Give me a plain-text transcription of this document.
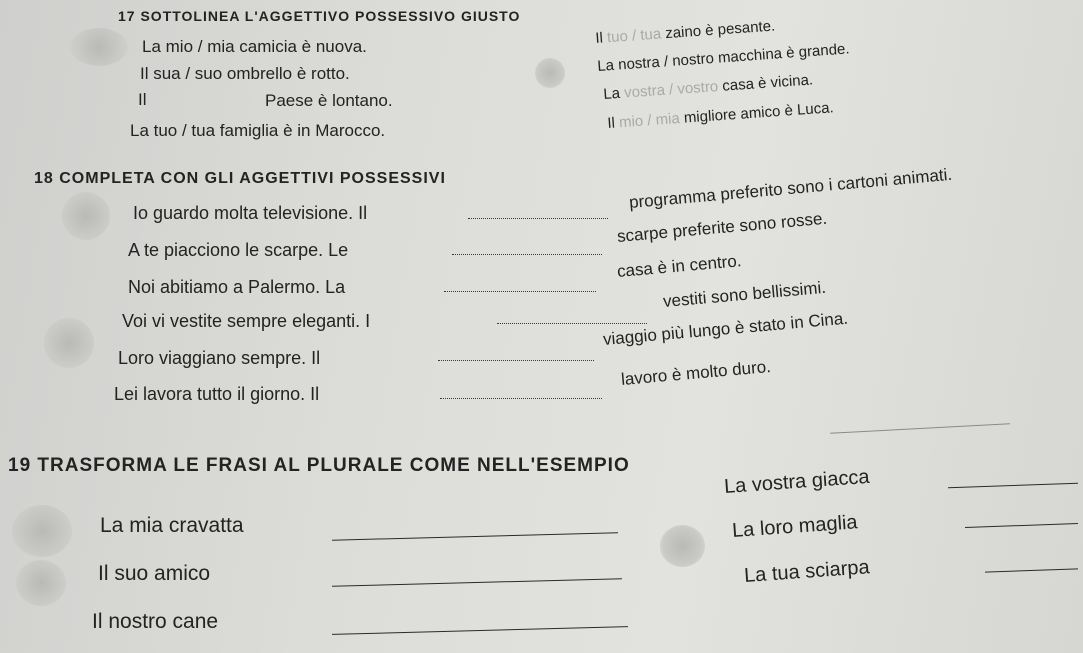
17 SOTTOLINEA L'AGGETTIVO POSSESSIVO GIUSTO
La mio / mia camicia è nuova.
Il sua / suo ombrello è rotto.
Il	Paese è lontano.
La tuo / tua famiglia è in Marocco.
Il tuo / tua zaino è pesante.
La nostra / nostro macchina è grande.
La vostra / vostro casa è vicina.
Il mio / mia migliore amico è Luca.
18 COMPLETA CON GLI AGGETTIVI POSSESSIVI
Io guardo molta televisione. Il
programma preferito sono i cartoni animati.
A te piacciono le scarpe. Le
scarpe preferite sono rosse.
Noi abitiamo a Palermo. La
casa è in centro.
Voi vi vestite sempre eleganti. I
vestiti sono bellissimi.
Loro viaggiano sempre. Il
viaggio più lungo è stato in Cina.
Lei lavora tutto il giorno. Il
lavoro è molto duro.
19 TRASFORMA LE FRASI AL PLURALE COME NELL'ESEMPIO
La mia cravatta
Il suo amico
Il nostro cane
La vostra giacca
La loro maglia
La tua sciarpa
